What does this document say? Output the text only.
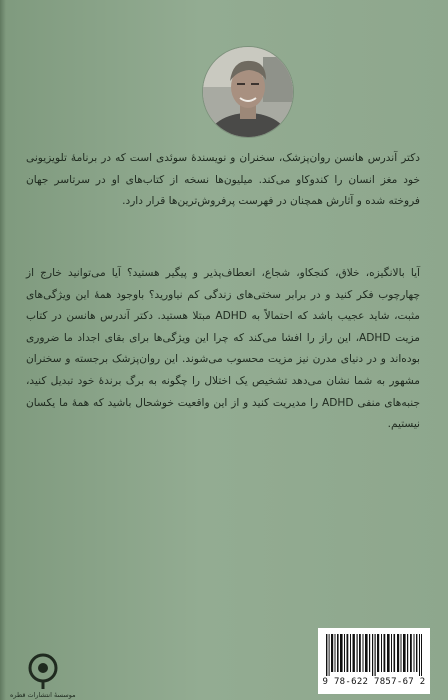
دکتر آندرس هانسن روان‌پزشک، سخنران و نویسندهٔ سوئدی است که در برنامهٔ تلویزیونی خود مغز انسان را کندوکاو می‌کند. میلیون‌ها نسخه از کتاب‌های او در سرتاسر جهان فروخته شده و آثارش همچنان در فهرست پرفروش‌ترین‌ها قرار دارد.

آیا بالانگیزه، خلاق، کنجکاو، شجاع، انعطاف‌پذیر و پیگیر هستید؟ آیا می‌توانید خارج از چهارچوب فکر کنید و در برابر سختی‌های زندگی کم نیاورید؟ باوجود همهٔ این ویژگی‌های مثبت، شاید عجیب باشد که احتمالاً به ADHD مبتلا هستید. دکتر آندرس هانسن در کتاب مزیت ADHD، این راز را افشا می‌کند که چرا این ویژگی‌ها برای بقای اجداد ما ضروری بوده‌اند و در دنیای مدرن نیز مزیت محسوب می‌شوند. این روان‌پزشک برجسته و سخنران مشهور به شما نشان می‌دهد تشخیص یک اختلال را چگونه به برگ برندهٔ خود تبدیل کنید، جنبه‌های منفی ADHD را مدیریت کنید و از این واقعیت خوشحال باشید که همهٔ ما یکسان نیستیم.

موسسهٔ انتشارات قطره
9 78-622 7857-67 2
